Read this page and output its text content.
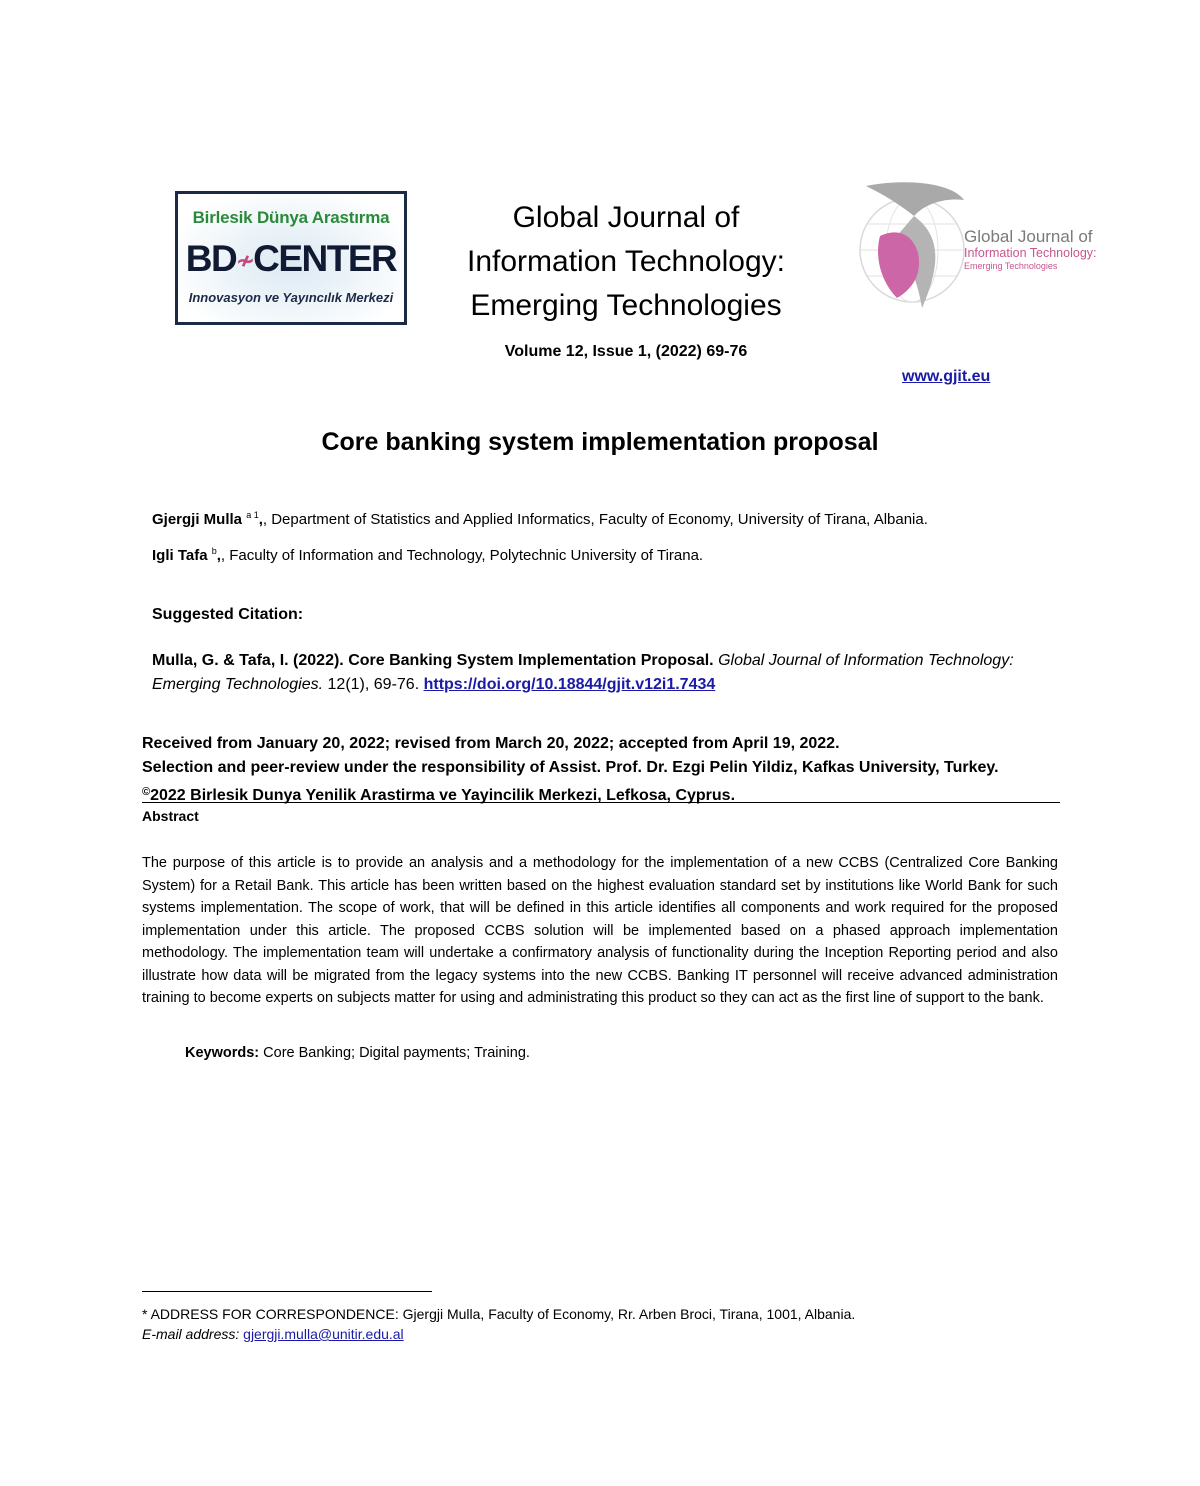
Birlesik Dünya Arastırma
BD≁CENTER
Innovasyon ve Yayıncılık Merkezi
Global Journal of
Information Technology:
Emerging Technologies
Volume 12, Issue 1, (2022) 69-76
www.gjit.eu
Global Journal of
Information Technology:
Emerging Technologies
Core banking system implementation proposal
Gjergji Mulla $^{a 1}$,, Department of Statistics and Applied Informatics, Faculty of Economy, University of Tirana, Albania.
Igli Tafa $^b$,, Faculty of Information and Technology, Polytechnic University of Tirana.
Suggested Citation:
Mulla, G. & Tafa, I. (2022). Core Banking System Implementation Proposal. Global Journal of Information Technology: Emerging Technologies. 12(1), 69-76. https://doi.org/10.18844/gjit.v12i1.7434
Received from January 20, 2022; revised from March 20, 2022; accepted from April 19, 2022.
Selection and peer-review under the responsibility of Assist. Prof. Dr. Ezgi Pelin Yildiz, Kafkas University, Turkey.
©2022 Birlesik Dunya Yenilik Arastirma ve Yayincilik Merkezi, Lefkosa, Cyprus.
Abstract
The purpose of this article is to provide an analysis and a methodology for the implementation of a new CCBS (Centralized Core Banking System) for a Retail Bank. This article has been written based on the highest evaluation standard set by institutions like World Bank for such systems implementation. The scope of work, that will be defined in this article identifies all components and work required for the proposed implementation under this article. The proposed CCBS solution will be implemented based on a phased approach implementation methodology. The implementation team will undertake a confirmatory analysis of functionality during the Inception Reporting period and also illustrate how data will be migrated from the legacy systems into the new CCBS. Banking IT personnel will receive advanced administration training to become experts on subjects matter for using and administrating this product so they can act as the first line of support to the bank.
Keywords: Core Banking; Digital payments; Training.
* ADDRESS FOR CORRESPONDENCE: Gjergji Mulla, Faculty of Economy, Rr. Arben Broci, Tirana, 1001, Albania.
E-mail address: gjergji.mulla@unitir.edu.al
